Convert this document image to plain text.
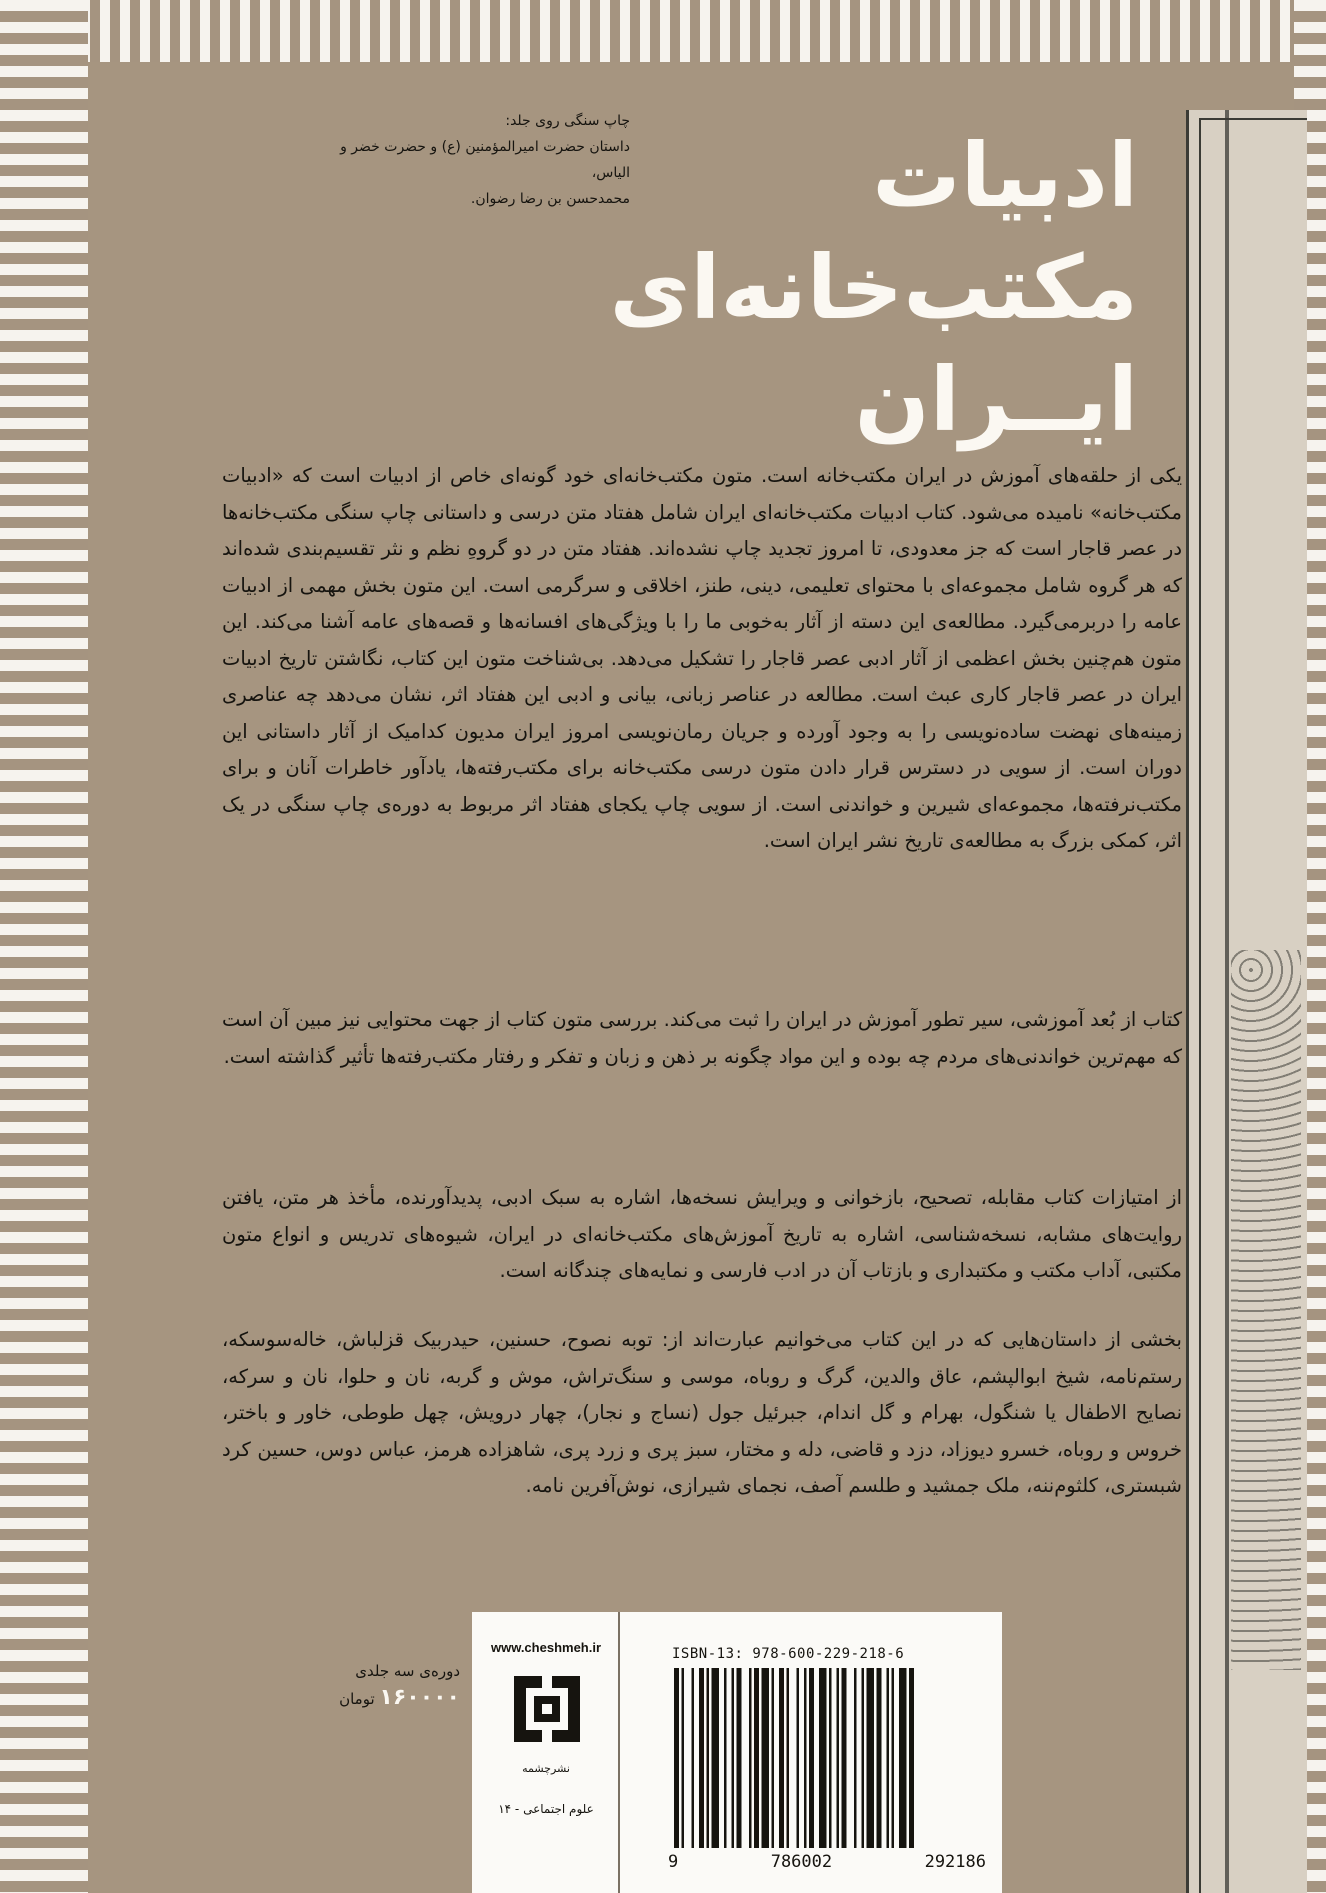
چاپ سنگی روی جلد:
داستان حضرت امیرالمؤمنین (ع) و حضرت خضر و الیاس،
محمدحسن بن رضا رضوان.	ادبیات
مکتب‌خانه‌ای
ایــران
یکی از حلقه‌های آموزش در ایران مکتب‌خانه است. متون مکتب‌خانه‌ای خود گونه‌ای خاص از ادبیات است که «ادبیات مکتب‌خانه» نامیده می‌شود. کتاب ادبیات مکتب‌خانه‌ای ایران شامل هفتاد متن درسی و داستانی چاپ سنگی مکتب‌خانه‌ها در عصر قاجار است که جز معدودی، تا امروز تجدید چاپ نشده‌اند. هفتاد متن در دو گروهِ نظم و نثر تقسیم‌بندی شده‌اند که هر گروه شامل مجموعه‌ای با محتوای تعلیمی، دینی، طنز، اخلاقی و سرگرمی است. این متون بخش مهمی از ادبیات عامه را دربرمی‌گیرد. مطالعه‌ی این دسته از آثار به‌خوبی ما را با ویژگی‌های افسانه‌ها و قصه‌های عامه آشنا می‌کند. این متون هم‌چنین بخش اعظمی از آثار ادبی عصر قاجار را تشکیل می‌دهد. بی‌شناخت متون این کتاب، نگاشتن تاریخ ادبیات ایران در عصر قاجار کاری عبث است. مطالعه در عناصر زبانی، بیانی و ادبی این هفتاد اثر، نشان می‌دهد چه عناصری زمینه‌های نهضت ساده‌نویسی را به وجود آورده و جریان رمان‌نویسی امروز ایران مدیون کدامیک از آثار داستانی این دوران است. از سویی در دسترس قرار دادن متون درسی مکتب‌خانه برای مکتب‌رفته‌ها، یادآور خاطرات آنان و برای مکتب‌نرفته‌ها، مجموعه‌ای شیرین و خواندنی است. از سویی چاپ یکجای هفتاد اثر مربوط به دوره‌ی چاپ سنگی در یک اثر، کمکی بزرگ به مطالعه‌ی تاریخ نشر ایران است.
کتاب از بُعد آموزشی، سیر تطور آموزش در ایران را ثبت می‌کند. بررسی متون کتاب از جهت محتوایی نیز مبین آن است که مهم‌ترین خواندنی‌های مردم چه بوده و این مواد چگونه بر ذهن و زبان و تفکر و رفتار مکتب‌رفته‌ها تأثیر گذاشته است.
از امتیازات کتاب مقابله، تصحیح، بازخوانی و ویرایش نسخه‌ها، اشاره به سبک ادبی، پدیدآورنده، مأخذ هر متن، یافتن روایت‌های مشابه، نسخه‌شناسی، اشاره به تاریخ آموزش‌های مکتب‌خانه‌ای در ایران، شیوه‌های تدریس و انواع متون مکتبی، آداب مکتب و مکتبداری و بازتاب آن در ادب فارسی و نمایه‌های چندگانه است.
بخشی از داستان‌هایی که در این کتاب می‌خوانیم عبارت‌اند از: توبه نصوح، حسنین، حیدربیک قزلباش، خاله‌سوسکه، رستم‌نامه، شیخ ابوالپشم، عاق والدین، گرگ و روباه، موسی و سنگ‌تراش، موش و گربه، نان و حلوا، نان و سرکه، نصایح الاطفال یا شنگول، بهرام و گل اندام، جبرئیل جول (نساج و نجار)، چهار درویش، چهل طوطی، خاور و باختر، خروس و روباه، خسرو دیوزاد، دزد و قاضی، دله و مختار، سبز پری و زرد پری، شاهزاده هرمز، عباس دوس، حسین کرد شبستری، کلثوم‌ننه، ملک جمشید و طلسم آصف، نجمای شیرازی، نوش‌آفرین نامه.
دوره‌ی سه جلدی
۱۶۰۰۰۰ تومان
www.cheshmeh.ir
نشرچشمه
علوم اجتماعی - ۱۴
ISBN-13: 978-600-229-218-6
9	786002	292186
